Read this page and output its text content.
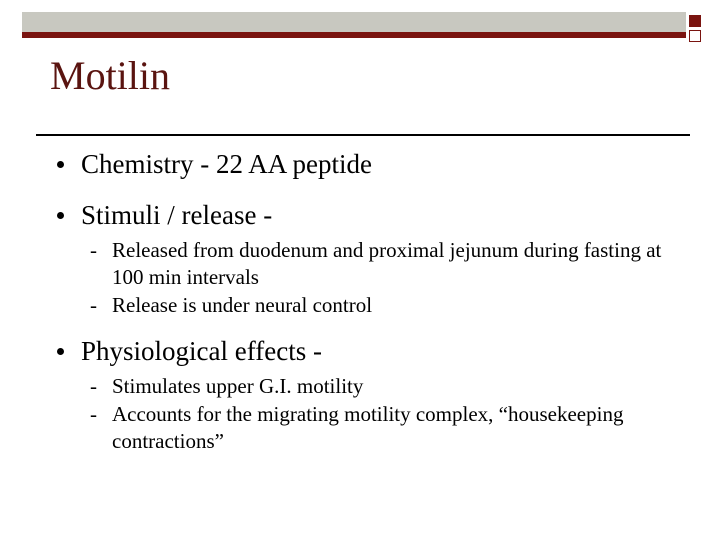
Motilin
Chemistry - 22 AA peptide
Stimuli / release -
- Released from duodenum and proximal jejunum during fasting at 100 min intervals
- Release is under neural control
Physiological effects -
- Stimulates upper G.I. motility
- Accounts for the migrating motility complex, “housekeeping contractions”
